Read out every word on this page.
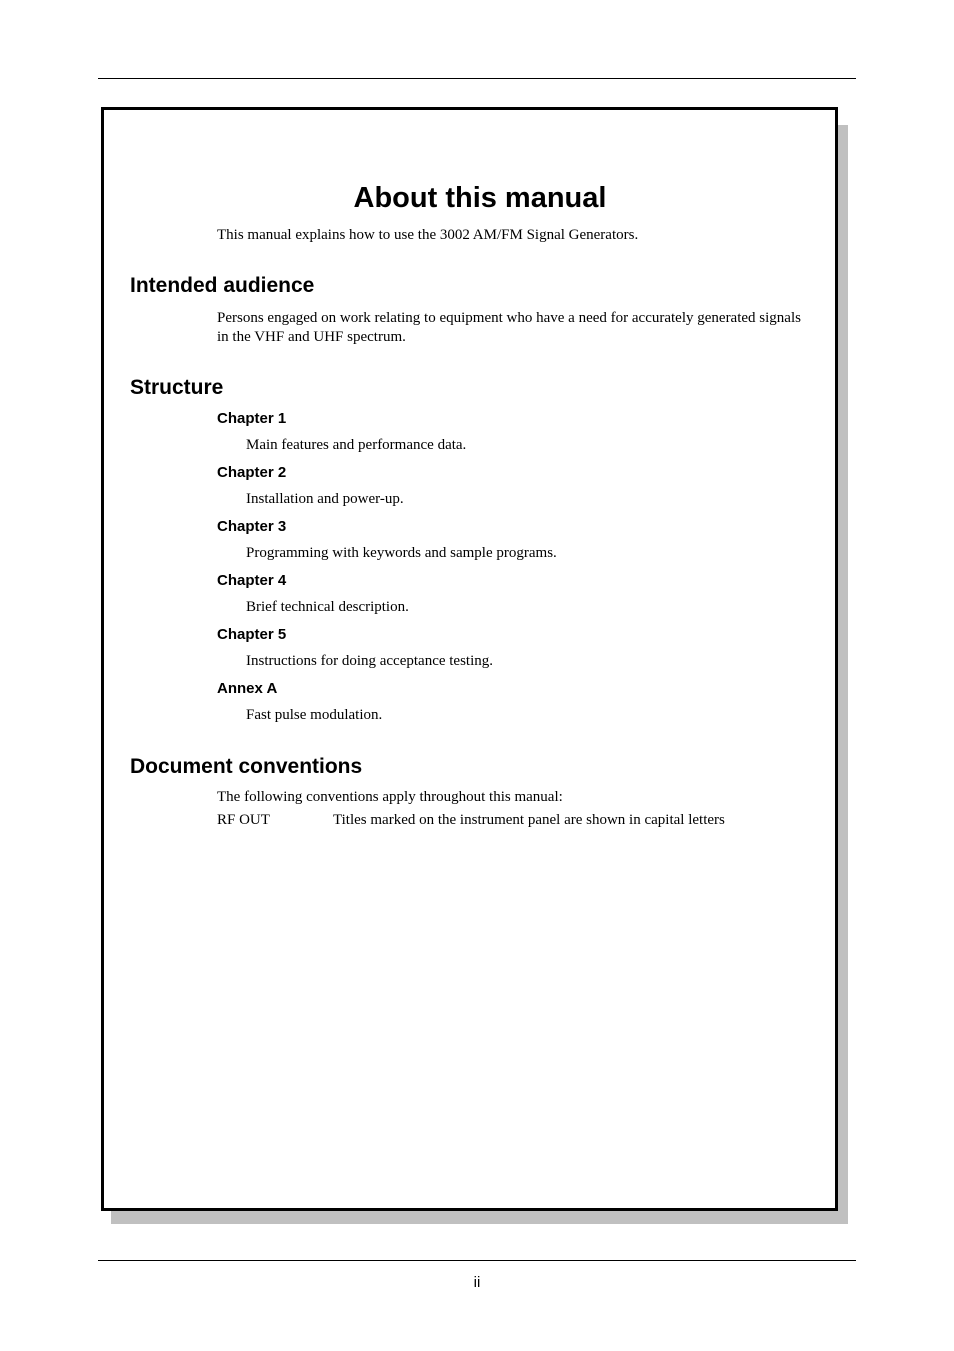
About this manual
This manual explains how to use the 3002 AM/FM Signal Generators.
Intended audience
Persons engaged on work relating to equipment who have a need for accurately generated signals in the VHF and UHF spectrum.
Structure
Chapter 1
Main features and performance data.
Chapter 2
Installation and power-up.
Chapter 3
Programming with keywords and sample programs.
Chapter 4
Brief technical description.
Chapter 5
Instructions for doing acceptance testing.
Annex A
Fast pulse modulation.
Document conventions
The following conventions apply throughout this manual:
RF OUT	Titles marked on the instrument panel are shown in capital letters
ii
